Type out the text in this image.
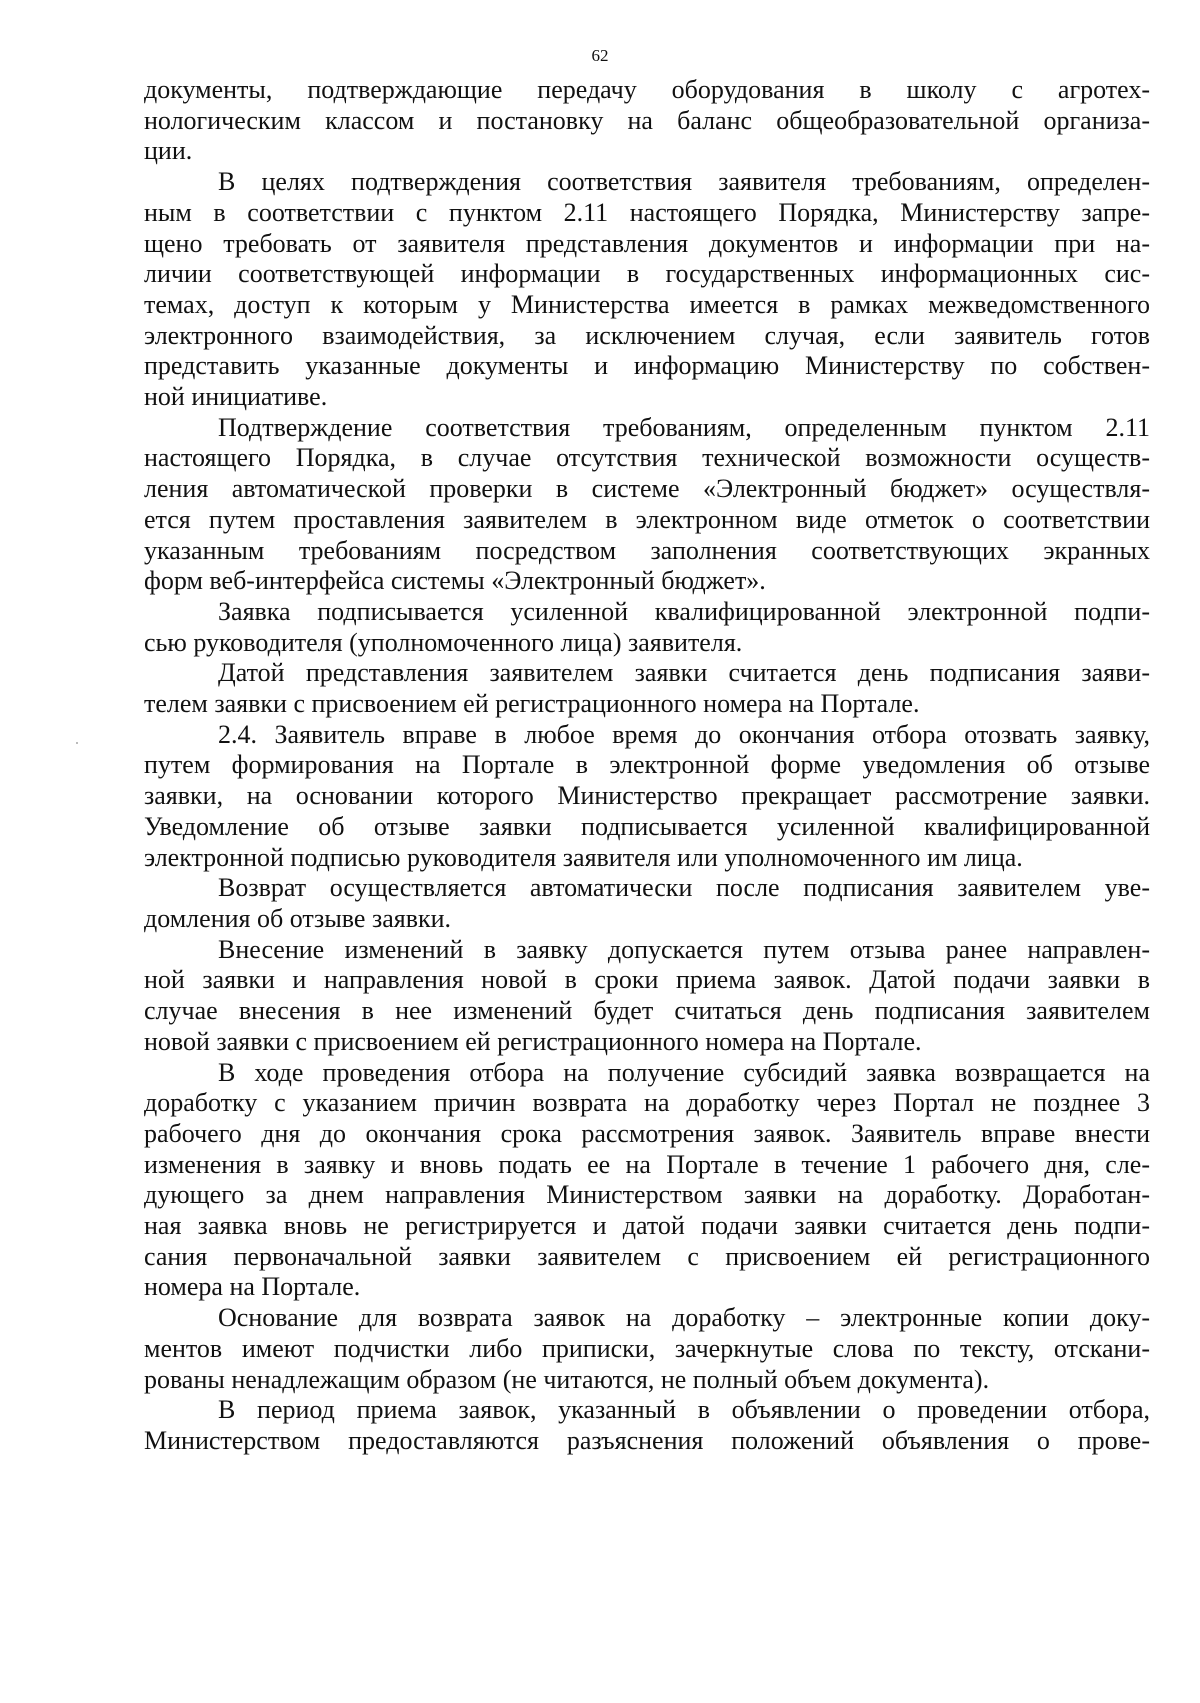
62

документы, подтверждающие передачу оборудования в школу с агротех-
нологическим классом и постановку на баланс общеобразовательной организа-
ции.

В целях подтверждения соответствия заявителя требованиям, определен-
ным в соответствии с пунктом 2.11 настоящего Порядка, Министерству запре-
щено требовать от заявителя представления документов и информации при на-
личии соответствующей информации в государственных информационных сис-
темах, доступ к которым у Министерства имеется в рамках межведомственного
электронного взаимодействия, за исключением случая, если заявитель готов
представить указанные документы и информацию Министерству по собствен-
ной инициативе.

Подтверждение соответствия требованиям, определенным пунктом 2.11
настоящего Порядка, в случае отсутствия технической возможности осуществ-
ления автоматической проверки в системе «Электронный бюджет» осуществля-
ется путем проставления заявителем в электронном виде отметок о соответствии
указанным требованиям посредством заполнения соответствующих экранных
форм веб-интерфейса системы «Электронный бюджет».

Заявка подписывается усиленной квалифицированной электронной подпи-
сью руководителя (уполномоченного лица) заявителя.

Датой представления заявителем заявки считается день подписания заяви-
телем заявки с присвоением ей регистрационного номера на Портале.

2.4. Заявитель вправе в любое время до окончания отбора отозвать заявку,
путем формирования на Портале в электронной форме уведомления об отзыве
заявки, на основании которого Министерство прекращает рассмотрение заявки.
Уведомление об отзыве заявки подписывается усиленной квалифицированной
электронной подписью руководителя заявителя или уполномоченного им лица.

Возврат осуществляется автоматически после подписания заявителем уве-
домления об отзыве заявки.

Внесение изменений в заявку допускается путем отзыва ранее направлен-
ной заявки и направления новой в сроки приема заявок. Датой подачи заявки в
случае внесения в нее изменений будет считаться день подписания заявителем
новой заявки с присвоением ей регистрационного номера на Портале.

В ходе проведения отбора на получение субсидий заявка возвращается на
доработку с указанием причин возврата на доработку через Портал не позднее 3
рабочего дня до окончания срока рассмотрения заявок. Заявитель вправе внести
изменения в заявку и вновь подать ее на Портале в течение 1 рабочего дня, сле-
дующего за днем направления Министерством заявки на доработку. Доработан-
ная заявка вновь не регистрируется и датой подачи заявки считается день подпи-
сания первоначальной заявки заявителем с присвоением ей регистрационного
номера на Портале.

Основание для возврата заявок на доработку – электронные копии доку-
ментов имеют подчистки либо приписки, зачеркнутые слова по тексту, отскани-
рованы ненадлежащим образом (не читаются, не полный объем документа).

В период приема заявок, указанный в объявлении о проведении отбора,
Министерством предоставляются разъяснения положений объявления о прове-
